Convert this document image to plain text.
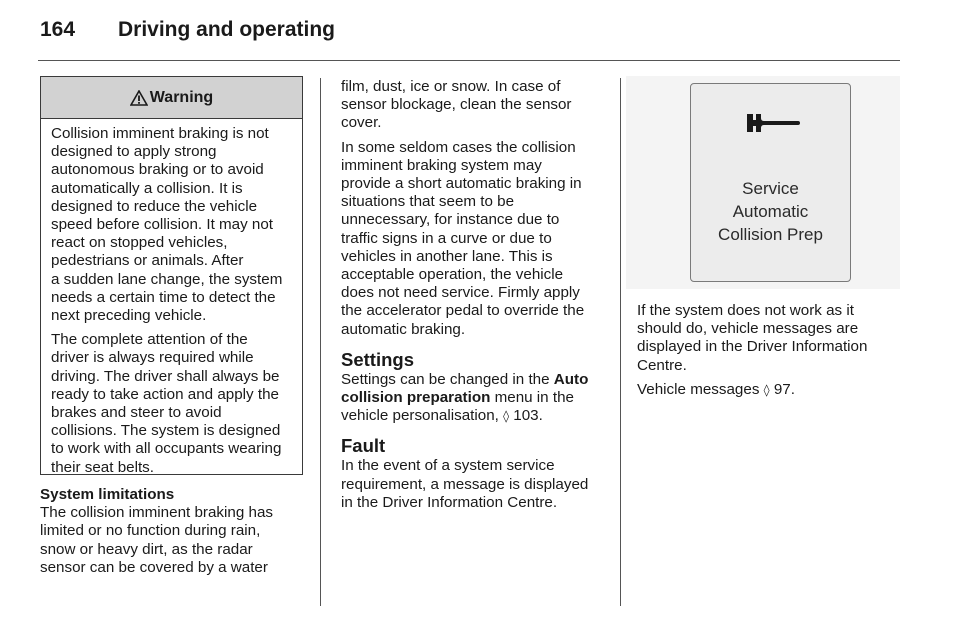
164 Driving and operating
Warning

Collision imminent braking is not
designed to apply strong
autonomous braking or to avoid
automatically a collision. It is
designed to reduce the vehicle
speed before collision. It may not
react on stopped vehicles,
pedestrians or animals. After
a sudden lane change, the system
needs a certain time to detect the
next preceding vehicle.

The complete attention of the
driver is always required while
driving. The driver shall always be
ready to take action and apply the
brakes and steer to avoid
collisions. The system is designed
to work with all occupants wearing
their seat belts.

System limitations

The collision imminent braking has
limited or no function during rain,
snow or heavy dirt, as the radar
sensor can be covered by a water

film, dust, ice or snow. In case of
sensor blockage, clean the sensor
cover.

In some seldom cases the collision
imminent braking system may
provide a short automatic braking in
situations that seem to be
unnecessary, for instance due to
traffic signs in a curve or due to
vehicles in another lane. This is
acceptable operation, the vehicle
does not need service. Firmly apply
the accelerator pedal to override the
automatic braking.

Settings

Settings can be changed in the Auto
collision preparation menu in the
vehicle personalisation, ◊ 103.

Fault

In the event of a system service
requirement, a message is displayed
in the Driver Information Centre.

Service
Automatic
Collision Prep

If the system does not work as it
should do, vehicle messages are
displayed in the Driver Information
Centre.

Vehicle messages ◊ 97.
